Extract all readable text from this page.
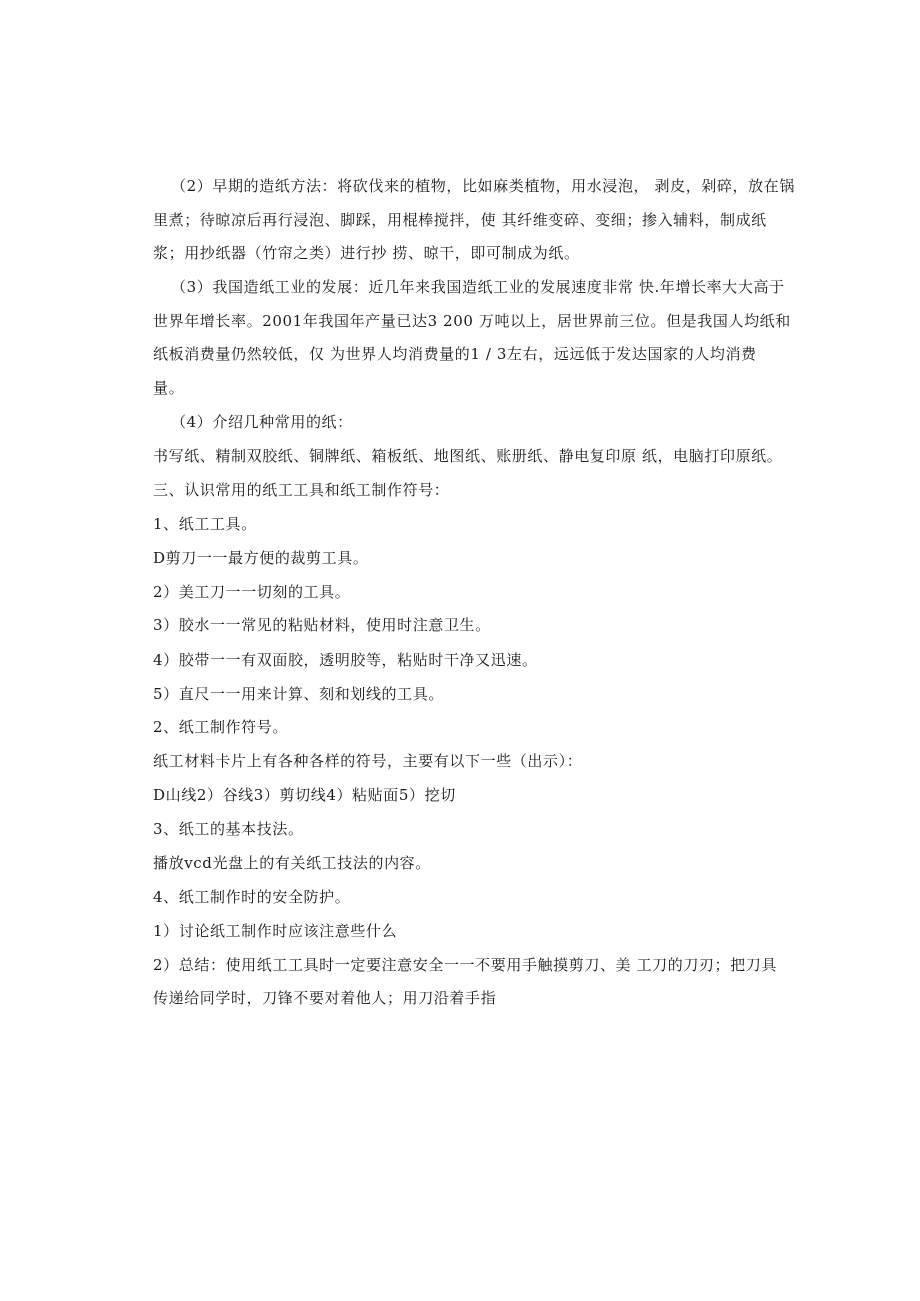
（2）早期的造纸方法：将砍伐来的植物，比如麻类植物，用水浸泡， 剥皮，剁碎，放在锅
里煮；待晾凉后再行浸泡、脚踩，用棍棒搅拌，使 其纤维变碎、变细；掺入辅料，制成纸
浆；用抄纸器（竹帘之类）进行抄 捞、晾干，即可制成为纸。
（3）我国造纸工业的发展：近几年来我国造纸工业的发展速度非常 快.年增长率大大高于
世界年增长率。2001年我国年产量已达3 200 万吨以上，居世界前三位。但是我国人均纸和
纸板消费量仍然较低，仅 为世界人均消费量的1 / 3左右，远远低于发达国家的人均消费
量。
（4）介绍几种常用的纸：
书写纸、精制双胶纸、铜牌纸、箱板纸、地图纸、账册纸、静电复印原 纸，电脑打印原纸。
三、认识常用的纸工工具和纸工制作符号：
1、纸工工具。
D剪刀一一最方便的裁剪工具。
2）美工刀一一切刻的工具。
3）胶水一一常见的粘贴材料，使用时注意卫生。
4）胶带一一有双面胶，透明胶等，粘贴时干净又迅速。
5）直尺一一用来计算、刻和划线的工具。
2、纸工制作符号。
纸工材料卡片上有各种各样的符号，主要有以下一些（出示）：
D山线2）谷线3）剪切线4）粘贴面5）挖切
3、纸工的基本技法。
播放vcd光盘上的有关纸工技法的内容。
4、纸工制作时的安全防护。
1）讨论纸工制作时应该注意些什么
2）总结：使用纸工工具时一定要注意安全一一不要用手触摸剪刀、美 工刀的刀刃；把刀具
传递给同学时，刀锋不要对着他人；用刀沿着手指
